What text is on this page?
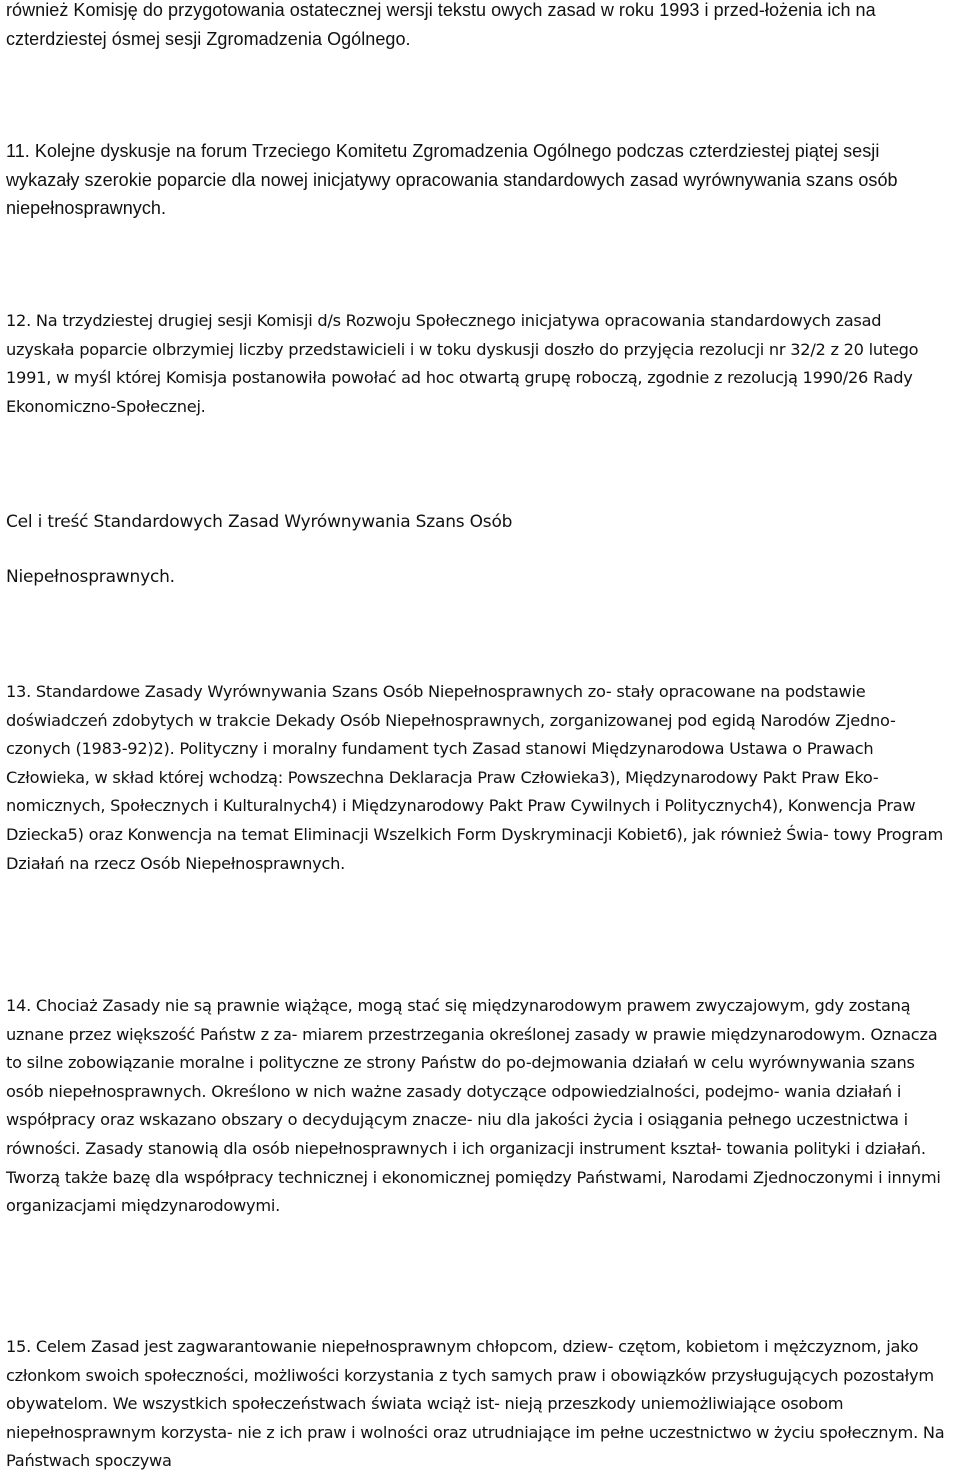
również Komisję do przygotowania ostatecznej wersji tekstu owych zasad w roku 1993 i przed-łożenia ich na czterdziestej ósmej sesji Zgromadzenia Ogólnego.

11. Kolejne dyskusje na forum Trzeciego Komitetu Zgromadzenia Ogólnego podczas czterdziestej piątej sesji wykazały szerokie poparcie dla nowej inicjatywy opracowania standardowych zasad wyrównywania szans osób niepełnosprawnych.

12. Na trzydziestej drugiej sesji Komisji d/s Rozwoju Społecznego inicjatywa opracowania standardowych zasad uzyskała poparcie olbrzymiej liczby przedstawicieli i w toku dyskusji doszło do przyjęcia rezolucji nr 32/2 z 20 lutego 1991, w myśl której Komisja postanowiła powołać ad hoc otwartą grupę roboczą, zgodnie z rezolucją 1990/26 Rady Ekonomiczno-Społecznej.

Cel i treść Standardowych Zasad Wyrównywania Szans Osób

Niepełnosprawnych.

13. Standardowe Zasady Wyrównywania Szans Osób Niepełnosprawnych zo- stały opracowane na podstawie doświadczeń zdobytych w trakcie Dekady Osób Niepełnosprawnych, zorganizowanej pod egidą Narodów Zjedno- czonych (1983-92)2). Polityczny i moralny fundament tych Zasad stanowi Międzynarodowa Ustawa o Prawach Człowieka, w skład której wchodzą: Powszechna Deklaracja Praw Człowieka3), Międzynarodowy Pakt Praw Eko- nomicznych, Społecznych i Kulturalnych4) i Międzynarodowy Pakt Praw Cywilnych i Politycznych4), Konwencja Praw Dziecka5) oraz Konwencja na temat Eliminacji Wszelkich Form Dyskryminacji Kobiet6), jak również Świa- towy Program Działań na rzecz Osób Niepełnosprawnych.

14. Chociaż Zasady nie są prawnie wiążące, mogą stać się międzynarodowym prawem zwyczajowym, gdy zostaną uznane przez większość Państw z za- miarem przestrzegania określonej zasady w prawie międzynarodowym. Oznacza to silne zobowiązanie moralne i polityczne ze strony Państw do po-dejmowania działań w celu wyrównywania szans osób niepełnosprawnych. Określono w nich ważne zasady dotyczące odpowiedzialności, podejmo- wania działań i współpracy oraz wskazano obszary o decydującym znacze- niu dla jakości życia i osiągania pełnego uczestnictwa i równości. Zasady stanowią dla osób niepełnosprawnych i ich organizacji instrument kształ- towania polityki i działań. Tworzą także bazę dla współpracy technicznej i ekonomicznej pomiędzy Państwami, Narodami Zjednoczonymi i innymi organizacjami międzynarodowymi.

15. Celem Zasad jest zagwarantowanie niepełnosprawnym chłopcom, dziew- czętom, kobietom i mężczyznom, jako członkom swoich społeczności, możliwości korzystania z tych samych praw i obowiązków przysługujących pozostałym obywatelom. We wszystkich społeczeństwach świata wciąż ist- nieją przeszkody uniemożliwiające osobom niepełnosprawnym korzysta- nie z ich praw i wolności oraz utrudniające im pełne uczestnictwo w życiu społecznym. Na Państwach spoczywa
